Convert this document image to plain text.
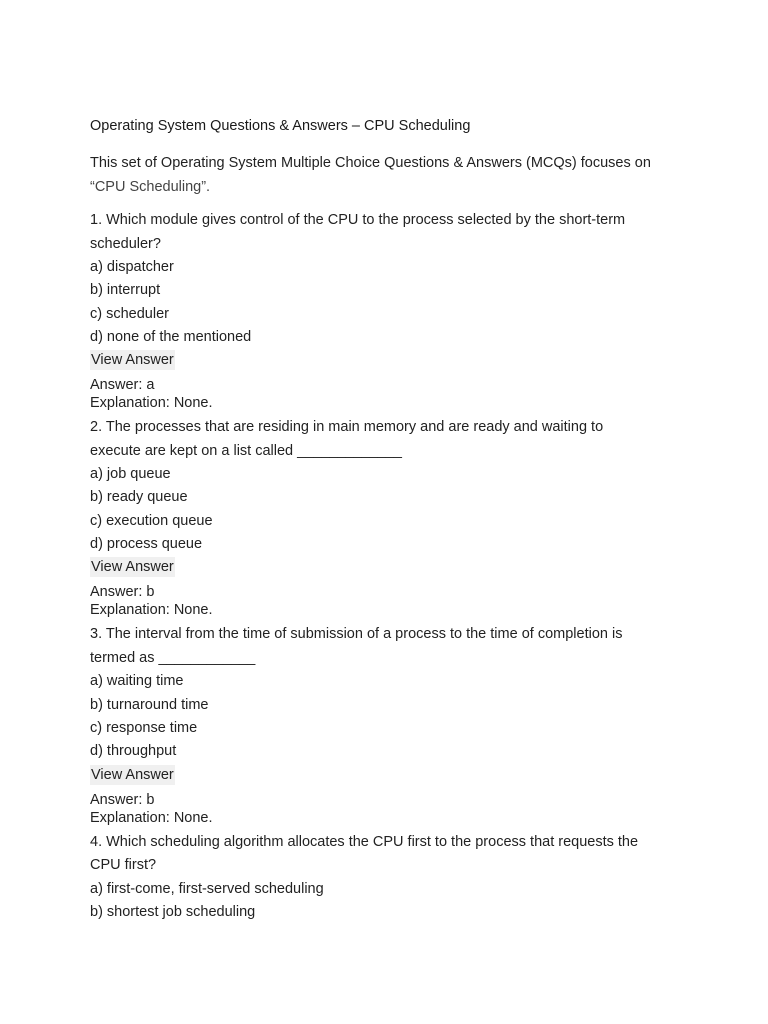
Operating System Questions & Answers – CPU Scheduling
This set of Operating System Multiple Choice Questions & Answers (MCQs) focuses on
“CPU Scheduling”.
1. Which module gives control of the CPU to the process selected by the short-term scheduler?
a) dispatcher
b) interrupt
c) scheduler
d) none of the mentioned
View Answer
Answer: a
Explanation: None.
2. The processes that are residing in main memory and are ready and waiting to execute are kept on a list called _____________
a) job queue
b) ready queue
c) execution queue
d) process queue
View Answer
Answer: b
Explanation: None.
3. The interval from the time of submission of a process to the time of completion is termed as ____________
a) waiting time
b) turnaround time
c) response time
d) throughput
View Answer
Answer: b
Explanation: None.
4. Which scheduling algorithm allocates the CPU first to the process that requests the CPU first?
a) first-come, first-served scheduling
b) shortest job scheduling
